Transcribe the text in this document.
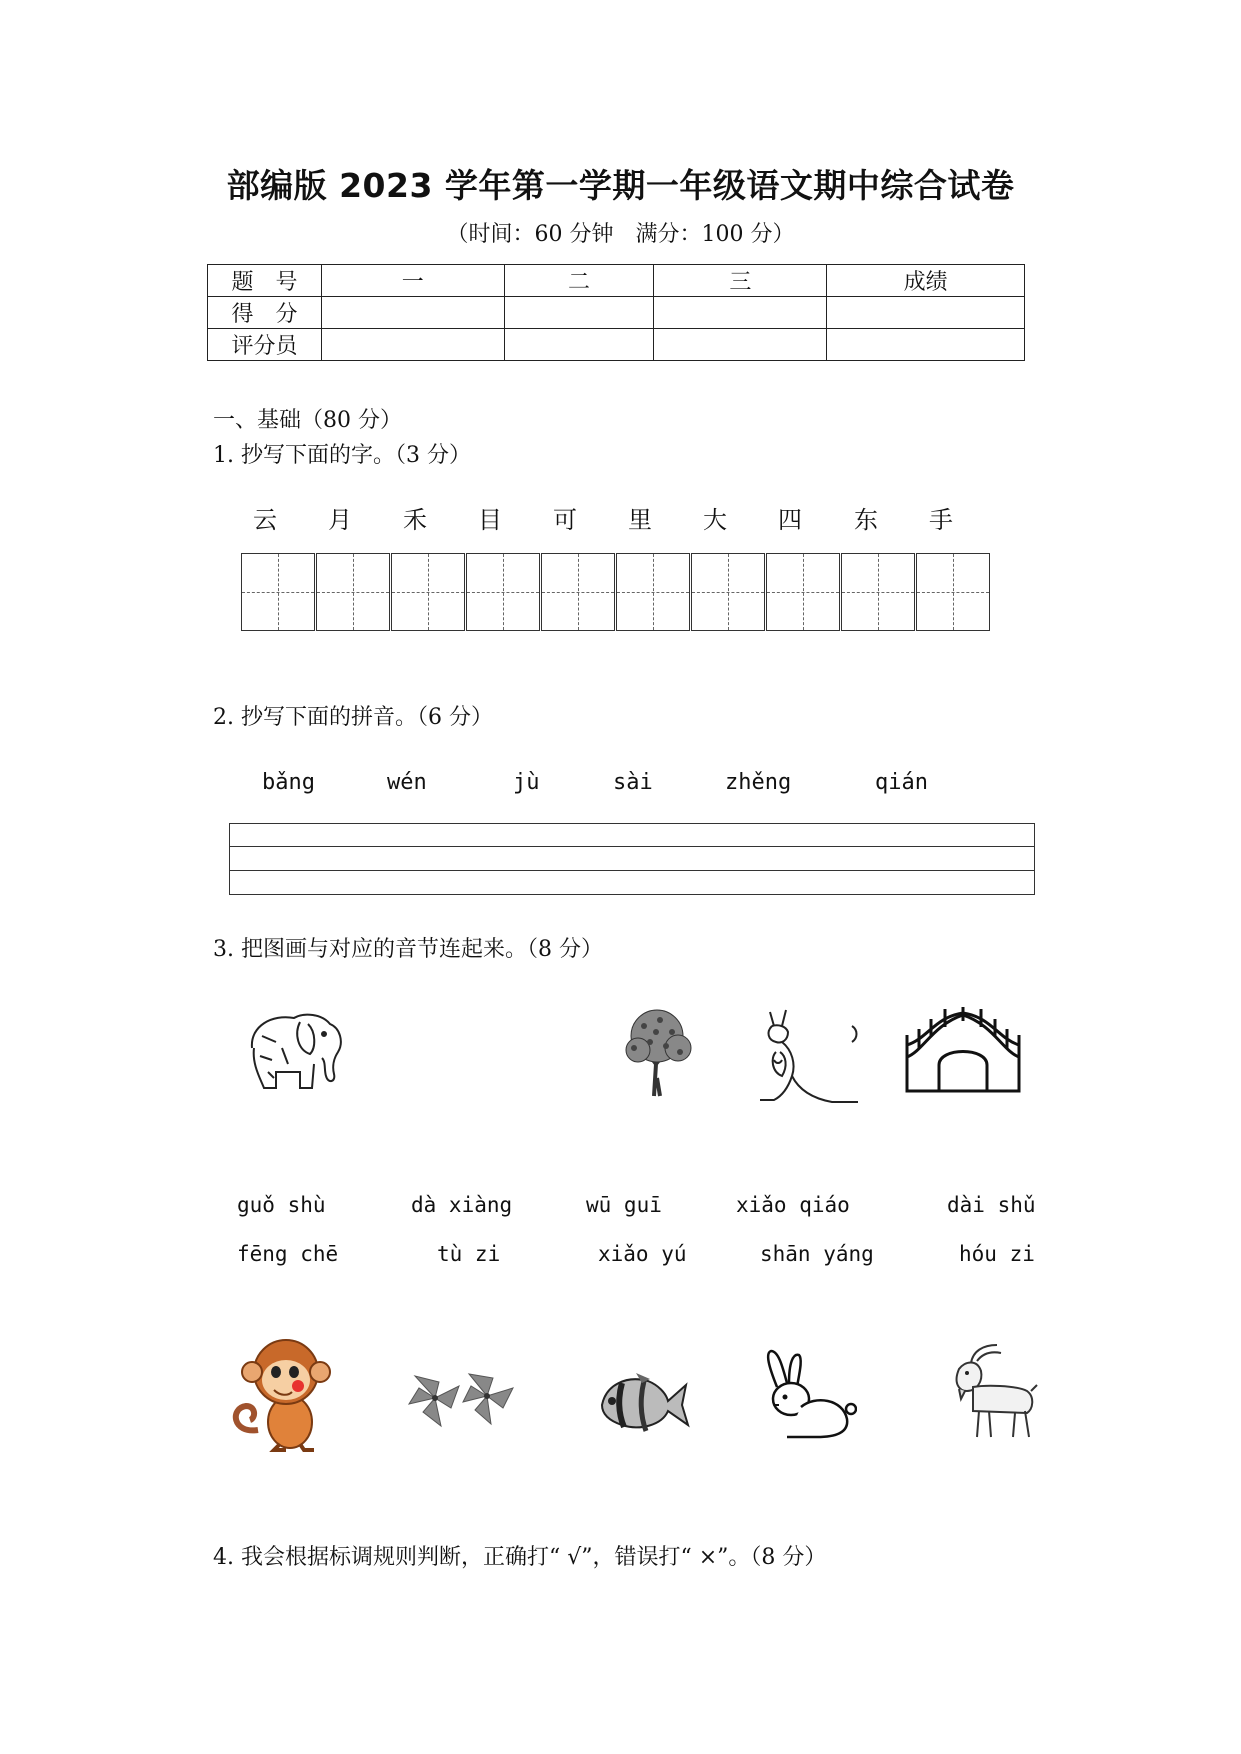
部编版 2023 学年第一学期一年级语文期中综合试卷
（时间：60 分钟　满分：100 分）
题　号	一	二	三	成绩
得　分				
评分员				
一、基础（80 分）
1. 抄写下面的字。（3 分）
云	月	禾	目	可	里	大	四	东	手
2. 抄写下面的拼音。（6 分）
bǎng	wén	jù	sài	zhěng	qián
3. 把图画与对应的音节连起来。（8 分）
guǒ shù	dà xiàng	wū guī	xiǎo qiáo	dài shǔ
fēng chē	tù zi	xiǎo yú	shān yáng	hóu zi
4. 我会根据标调规则判断，正确打“ √”，错误打“ ×”。（8 分）
